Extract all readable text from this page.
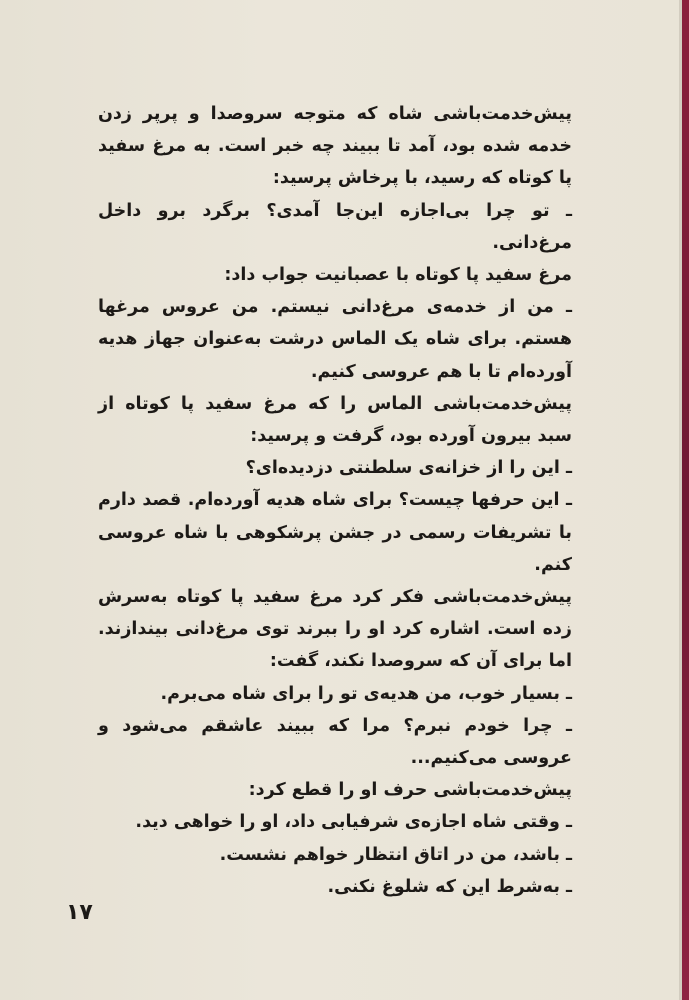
پیش‌خدمت‌باشی شاه که متوجه سروصدا و پرپر زدن خدمه شده بود، آمد تا ببیند چه خبر است. به مرغ سفید پا کوتاه که رسید، با پرخاش پرسید:

ـ تو چرا بی‌اجازه این‌جا آمدی؟ برگرد برو داخل مرغ‌دانی.

مرغ سفید پا کوتاه با عصبانیت جواب داد:

ـ من از خدمه‌ی مرغ‌دانی نیستم. من عروس مرغها هستم. برای شاه یک الماس درشت به‌عنوان جهاز هدیه آورده‌ام تا با هم عروسی کنیم.

پیش‌خدمت‌باشی الماس را که مرغ سفید پا کوتاه از سبد بیرون آورده بود، گرفت و پرسید:

ـ این را از خزانه‌ی سلطنتی دزدیده‌ای؟

ـ این حرفها چیست؟ برای شاه هدیه آورده‌ام. قصد دارم با تشریفات رسمی در جشن پرشکوهی با شاه عروسی کنم.

پیش‌خدمت‌باشی فکر کرد مرغ سفید پا کوتاه به‌سرش زده است. اشاره کرد او را ببرند توی مرغ‌دانی بیندازند. اما برای آن که سروصدا نکند، گفت:

ـ بسیار خوب، من هدیه‌ی تو را برای شاه می‌برم.

ـ چرا خودم نبرم؟ مرا که ببیند عاشقم می‌شود و عروسی می‌کنیم...

پیش‌خدمت‌باشی حرف او را قطع کرد:

ـ وقتی شاه اجازه‌ی شرفیابی داد، او را خواهی دید.

ـ باشد، من در اتاق انتظار خواهم نشست.

ـ به‌شرط این که شلوغ نکنی.

۱۷
